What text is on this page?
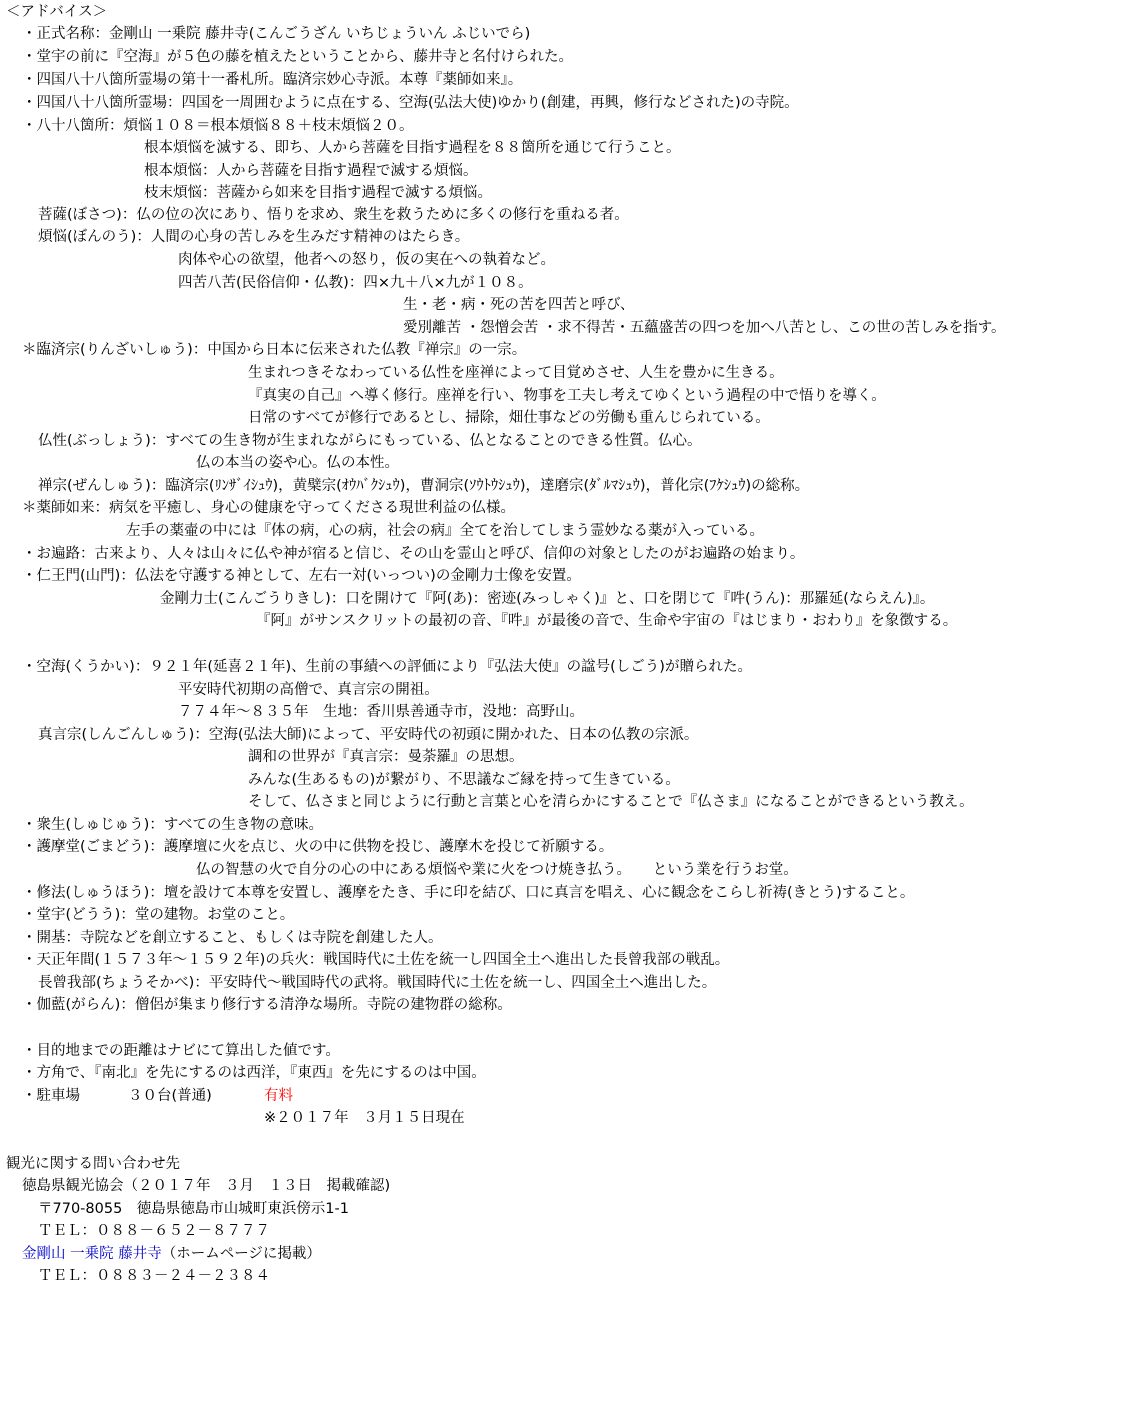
＜アドバイス＞
・正式名称：金剛山 一乗院 藤井寺(こんごうざん いちじょういん ふじいでら)
・堂宇の前に『空海』が５色の藤を植えたということから、藤井寺と名付けられた。
・四国八十八箇所霊場の第十一番札所。臨済宗妙心寺派。本尊『薬師如来』。
・四国八十八箇所霊場：四国を一周囲むように点在する、空海(弘法大使)ゆかり(創建，再興，修行などされた)の寺院。
・八十八箇所：煩悩１０８＝根本煩悩８８＋枝末煩悩２０。
根本煩悩を滅する、即ち、人から菩薩を目指す過程を８８箇所を通じて行うこと。
根本煩悩：人から菩薩を目指す過程で滅する煩悩。
枝末煩悩：菩薩から如来を目指す過程で滅する煩悩。
菩薩(ぼさつ)：仏の位の次にあり、悟りを求め、衆生を救うために多くの修行を重ねる者。
煩悩(ぼんのう)：人間の心身の苦しみを生みだす精神のはたらき。
肉体や心の欲望，他者への怒り，仮の実在への執着など。
四苦八苦(民俗信仰・仏教)：四×九＋八×九が１０８。
生・老・病・死の苦を四苦と呼び、
愛別離苦 ・怨憎会苦 ・求不得苦・五蘊盛苦の四つを加へ八苦とし、この世の苦しみを指す。
＊臨済宗(りんざいしゅう)：中国から日本に伝来された仏教『禅宗』の一宗。
生まれつきそなわっている仏性を座禅によって目覚めさせ、人生を豊かに生きる。
『真実の自己』へ導く修行。座禅を行い、物事を工夫し考えてゆくという過程の中で悟りを導く。
日常のすべてが修行であるとし、掃除，畑仕事などの労働も重んじられている。
仏性(ぶっしょう)：すべての生き物が生まれながらにもっている、仏となることのできる性質。仏心。
仏の本当の姿や心。仏の本性。
禅宗(ぜんしゅう)：臨済宗(ﾘﾝｻﾞｲｼｭｳ)，黄檗宗(ｵｳﾊﾞｸｼｭｳ)，曹洞宗(ｿｳﾄｳｼｭｳ)，達磨宗(ﾀﾞﾙﾏｼｭｳ)，普化宗(ﾌｹｼｭｳ)の総称。
＊薬師如来：病気を平癒し、身心の健康を守ってくださる現世利益の仏様。
左手の薬壷の中には『体の病，心の病，社会の病』全てを治してしまう霊妙なる薬が入っている。
・お遍路：古来より、人々は山々に仏や神が宿ると信じ、その山を霊山と呼び、信仰の対象としたのがお遍路の始まり。
・仁王門(山門)：仏法を守護する神として、左右一対(いっつい)の金剛力士像を安置。
金剛力士(こんごうりきし)：口を開けて『阿(あ)：密迹(みっしゃく)』と、口を閉じて『吽(うん)：那羅延(ならえん)』。
『阿』がサンスクリットの最初の音、『吽』が最後の音で、生命や宇宙の『はじまり・おわり』を象徴する。
・空海(くうかい)：９２１年(延喜２１年)、生前の事績への評価により『弘法大使』の諡号(しごう)が贈られた。
平安時代初期の高僧で、真言宗の開祖。
７７４年～８３５年　生地：香川県善通寺市，没地：高野山。
真言宗(しんごんしゅう)：空海(弘法大師)によって、平安時代の初頭に開かれた、日本の仏教の宗派。
調和の世界が『真言宗：曼荼羅』の思想。
みんな(生あるもの)が繋がり、不思議なご縁を持って生きている。
そして、仏さまと同じように行動と言葉と心を清らかにすることで『仏さま』になることができるという教え。
・衆生(しゅじゅう)：すべての生き物の意味。
・護摩堂(ごまどう)：護摩壇に火を点じ、火の中に供物を投じ、護摩木を投じて祈願する。
仏の智慧の火で自分の心の中にある煩悩や業に火をつけ焼き払う。　　という業を行うお堂。
・修法(しゅうほう)：壇を設けて本尊を安置し、護摩をたき、手に印を結び、口に真言を唱え、心に観念をこらし祈祷(きとう)すること。
・堂宇(どうう)：堂の建物。お堂のこと。
・開基：寺院などを創立すること、もしくは寺院を創建した人。
・天正年間(１５７３年～１５９２年)の兵火：戦国時代に土佐を統一し四国全土へ進出した長曾我部の戦乱。
長曾我部(ちょうそかべ)：平安時代～戦国時代の武将。戦国時代に土佐を統一し、四国全土へ進出した。
・伽藍(がらん)：僧侶が集まり修行する清浄な場所。寺院の建物群の総称。
・目的地までの距離はナビにて算出した値です。
・方角で、『南北』を先にするのは西洋，『東西』を先にするのは中国。
・駐車場	３０台(普通)	有料
※２０１７年　３月１５日現在
観光に関する問い合わせ先
徳島県観光協会（２０１７年　３月　１３日　掲載確認)
〒770-8055　徳島県徳島市山城町東浜傍示1-1
ＴＥＬ：０８８－６５２－８７７７
金剛山 一乗院 藤井寺（ホームページに掲載）
ＴＥＬ：０８８３－２４－２３８４
